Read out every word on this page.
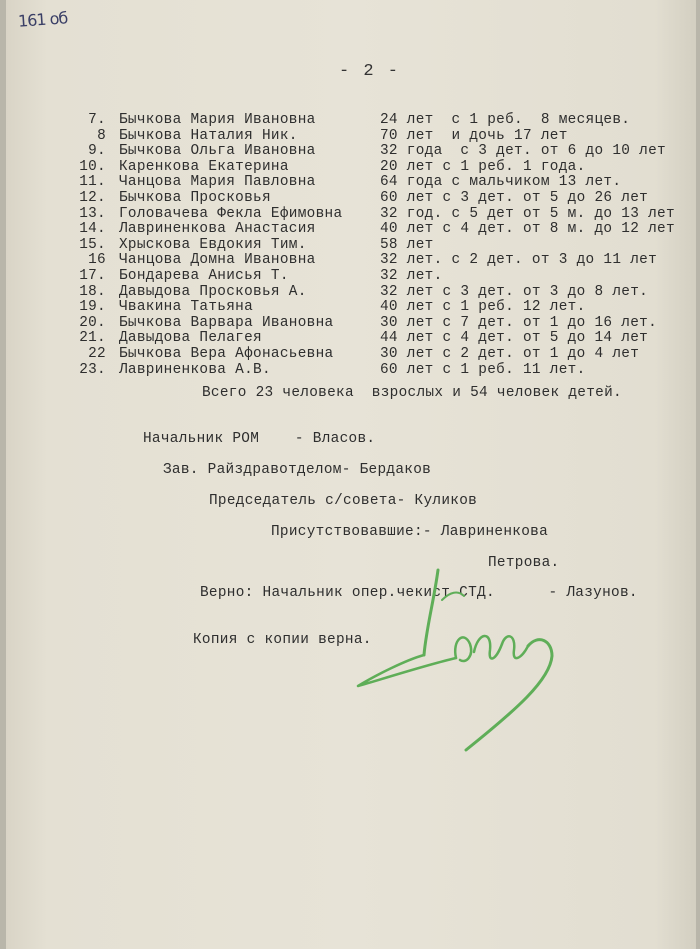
161 об
- 2 -
7. Бычкова Мария Ивановна	24 лет  с 1 реб.  8 месяцев.
8 Бычкова Наталия Ник.	70 лет  и дочь 17 лет
9. Бычкова Ольга Ивановна	32 года  с 3 дет. от 6 до 10 лет
10. Каренкова Екатерина	20 лет с 1 реб. 1 года.
11. Чанцова Мария Павловна	64 года с мальчиком 13 лет.
12. Бычкова Просковья	60 лет с 3 дет. от 5 до 26 лет
13. Головачева Фекла Ефимовна	32 год. с 5 дет от 5 м. до 13 лет
14. Лавриненкова Анастасия	40 лет с 4 дет. от 8 м. до 12 лет
15. Хрыскова Евдокия Тим.	58 лет
16 Чанцова Домна Ивановна	32 лет. с 2 дет. от 3 до 11 лет
17. Бондарева Анисья Т.	32 лет.
18. Давыдова Просковья А.	32 лет с 3 дет. от 3 до 8 лет.
19. Чвакина Татьяна	40 лет с 1 реб. 12 лет.
20. Бычкова Варвара Ивановна	30 лет с 7 дет. от 1 до 16 лет.
21. Давыдова Пелагея	44 лет с 4 дет. от 5 до 14 лет
22 Бычкова Вера Афонасьевна	30 лет с 2 дет. от 1 до 4 лет
23. Лавриненкова А.В.	60 лет с 1 реб. 11 лет.
Всего 23 человека  взрослых и 54 человек детей.
Начальник РОМ    - Власов.
Зав. Райздравотделом- Бердаков
Председатель с/совета- Куликов
Присутствовавшие:- Лавриненкова
Петрова.
Верно: Начальник опер.чекист СТД.      - Лазунов.
Копия с копии верна.
